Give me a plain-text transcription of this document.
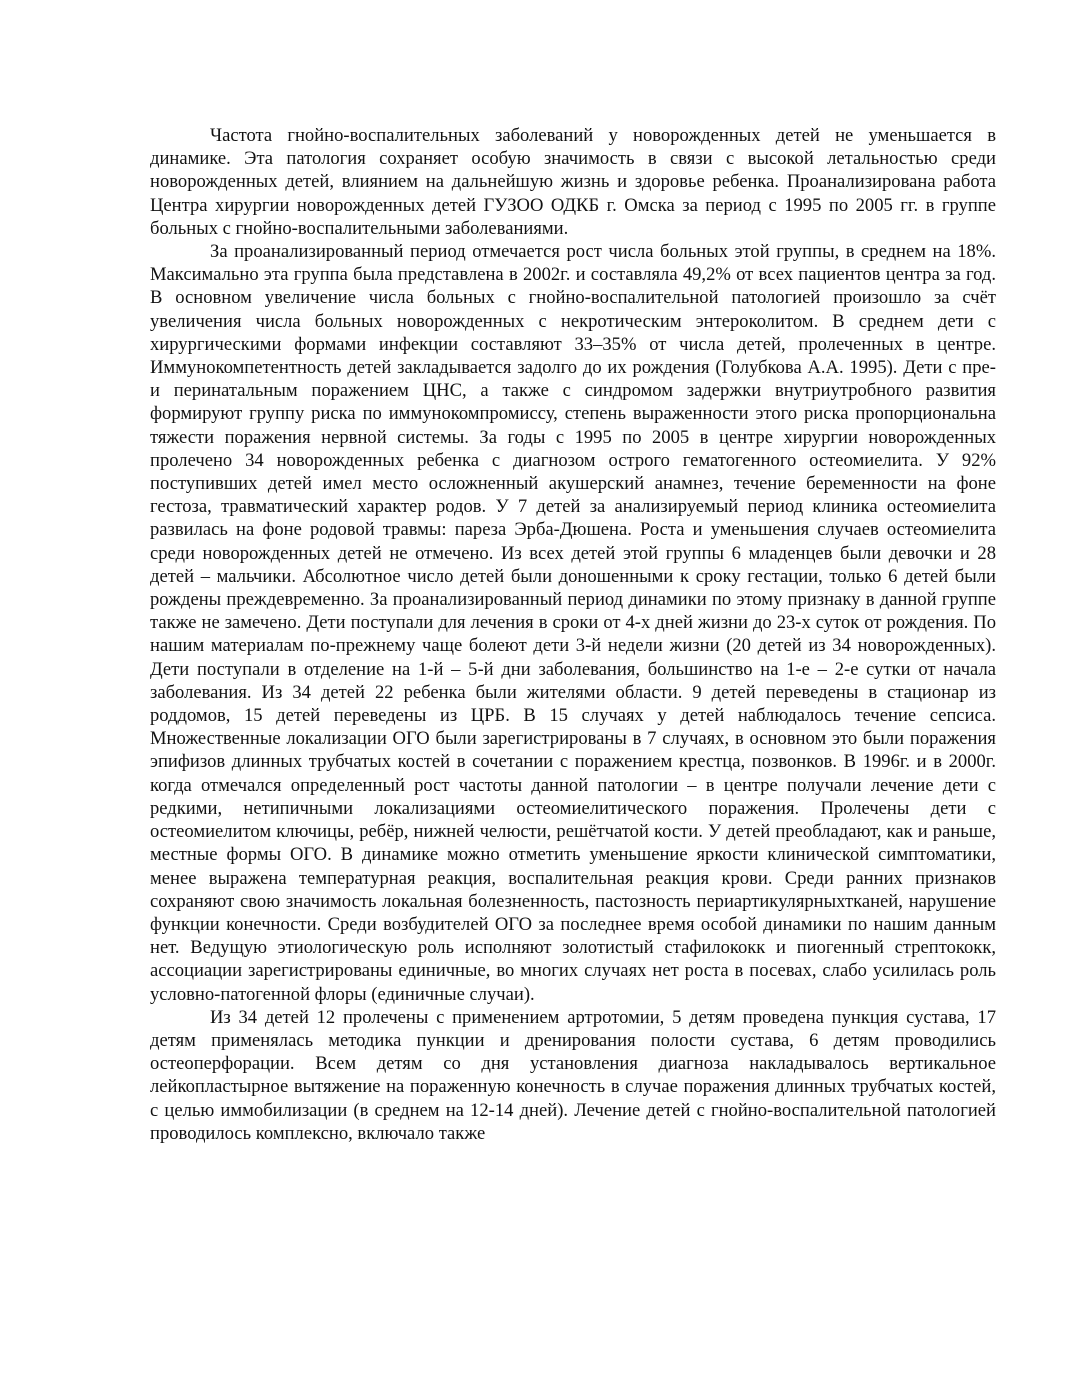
Частота гнойно-воспалительных заболеваний у новорожденных детей не уменьшается в динамике. Эта патология сохраняет особую значимость в связи с высокой летальностью среди новорожденных детей, влиянием на дальнейшую жизнь и здоровье ребенка. Проанализирована работа Центра хирургии новорожденных детей ГУЗОО ОДКБ г. Омска за период с 1995 по 2005 гг. в группе больных с гнойно-воспалительными заболеваниями.

За проанализированный период отмечается рост числа больных этой группы, в среднем на 18%. Максимально эта группа была представлена в 2002г. и составляла 49,2% от всех пациентов центра за год. В основном увеличение числа больных с гнойно-воспалительной патологией произошло за счёт увеличения числа больных новорожденных с некротическим энтероколитом. В среднем дети с хирургическими формами инфекции составляют 33–35% от числа детей, пролеченных в центре. Иммунокомпетентность детей закладывается задолго до их рождения (Голубкова А.А. 1995). Дети с пре- и перинатальным поражением ЦНС, а также с синдромом задержки внутриутробного развития формируют группу риска по иммунокомпромиссу, степень выраженности этого риска пропорциональна тяжести поражения нервной системы. За годы с 1995 по 2005 в центре хирургии новорожденных пролечено 34 новорожденных ребенка с диагнозом острого гематогенного остеомиелита. У 92% поступивших детей имел место осложненный акушерский анамнез, течение беременности на фоне гестоза, травматический характер родов. У 7 детей за анализируемый период клиника остеомиелита развилась на фоне родовой травмы: пареза Эрба-Дюшена. Роста и уменьшения случаев остеомиелита среди новорожденных детей не отмечено. Из всех детей этой группы 6 младенцев были девочки и 28 детей – мальчики. Абсолютное число детей были доношенными к сроку гестации, только 6 детей были рождены преждевременно. За проанализированный период динамики по этому признаку в данной группе также не замечено. Дети поступали для лечения в сроки от 4-х дней жизни до 23-х суток от рождения. По нашим материалам по-прежнему чаще болеют дети 3-й недели жизни (20 детей из 34 новорожденных). Дети поступали в отделение на 1-й – 5-й дни заболевания, большинство на 1-е – 2-е сутки от начала заболевания. Из 34 детей 22 ребенка были жителями области. 9 детей переведены в стационар из роддомов, 15 детей переведены из ЦРБ. В 15 случаях у детей наблюдалось течение сепсиса. Множественные локализации ОГО были зарегистрированы в 7 случаях, в основном это были поражения эпифизов длинных трубчатых костей в сочетании с поражением крестца, позвонков. В 1996г. и в 2000г. когда отмечался определенный рост частоты данной патологии – в центре получали лечение дети с редкими, нетипичными локализациями остеомиелитического поражения. Пролечены дети с остеомиелитом ключицы, ребёр, нижней челюсти, решётчатой кости. У детей преобладают, как и раньше, местные формы ОГО. В динамике можно отметить уменьшение яркости клинической симптоматики, менее выражена температурная реакция, воспалительная реакция крови. Среди ранних признаков сохраняют свою значимость локальная болезненность, пастозность периартикулярныхтканей, нарушение функции конечности. Среди возбудителей ОГО за последнее время особой динамики по нашим данным нет. Ведущую этиологическую роль исполняют золотистый стафилококк и пиогенный стрептококк, ассоциации зарегистрированы единичные, во многих случаях нет роста в посевах, слабо усилилась роль условно-патогенной флоры (единичные случаи).

Из 34 детей 12 пролечены с применением артротомии, 5 детям проведена пункция сустава, 17 детям применялась методика пункции и дренирования полости сустава, 6 детям проводились остеоперфорации. Всем детям со дня установления диагноза накладывалось вертикальное лейкопластырное вытяжение на пораженную конечность в случае поражения длинных трубчатых костей, с целью иммобилизации (в среднем на 12-14 дней). Лечение детей с гнойно-воспалительной патологией проводилось комплексно, включало также
